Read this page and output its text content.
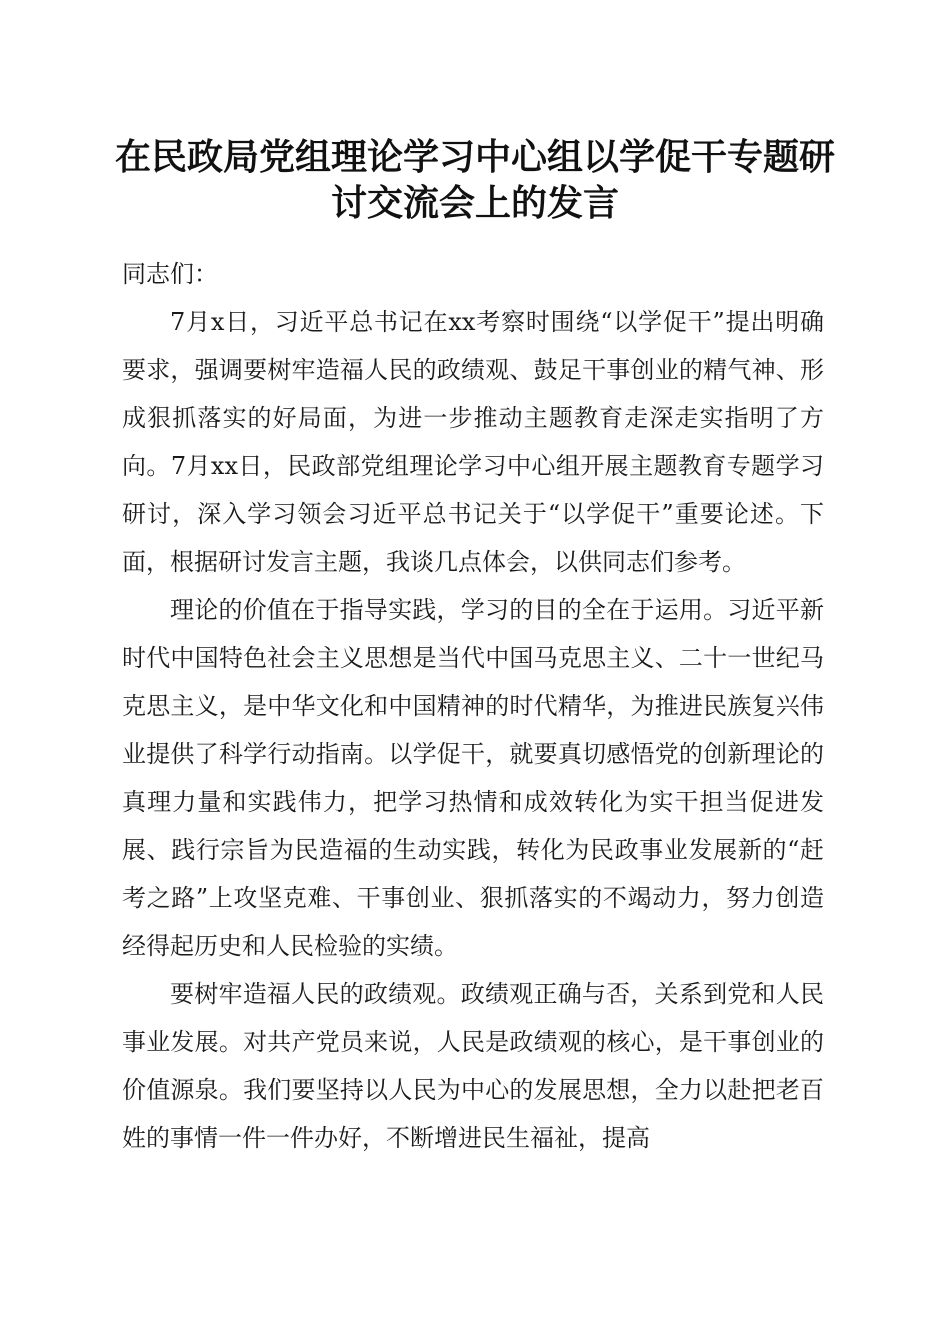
在民政局党组理论学习中心组以学促干专题研讨交流会上的发言

同志们：

7月x日，习近平总书记在xx考察时围绕“以学促干”提出明确要求，强调要树牢造福人民的政绩观、鼓足干事创业的精气神、形成狠抓落实的好局面，为进一步推动主题教育走深走实指明了方向。7月xx日，民政部党组理论学习中心组开展主题教育专题学习研讨，深入学习领会习近平总书记关于“以学促干”重要论述。下面，根据研讨发言主题，我谈几点体会，以供同志们参考。

理论的价值在于指导实践，学习的目的全在于运用。习近平新时代中国特色社会主义思想是当代中国马克思主义、二十一世纪马克思主义，是中华文化和中国精神的时代精华，为推进民族复兴伟业提供了科学行动指南。以学促干，就要真切感悟党的创新理论的真理力量和实践伟力，把学习热情和成效转化为实干担当促进发展、践行宗旨为民造福的生动实践，转化为民政事业发展新的“赶考之路”上攻坚克难、干事创业、狠抓落实的不竭动力，努力创造经得起历史和人民检验的实绩。

要树牢造福人民的政绩观。政绩观正确与否，关系到党和人民事业发展。对共产党员来说，人民是政绩观的核心，是干事创业的价值源泉。我们要坚持以人民为中心的发展思想，全力以赴把老百姓的事情一件一件办好，不断增进民生福祉，提高
